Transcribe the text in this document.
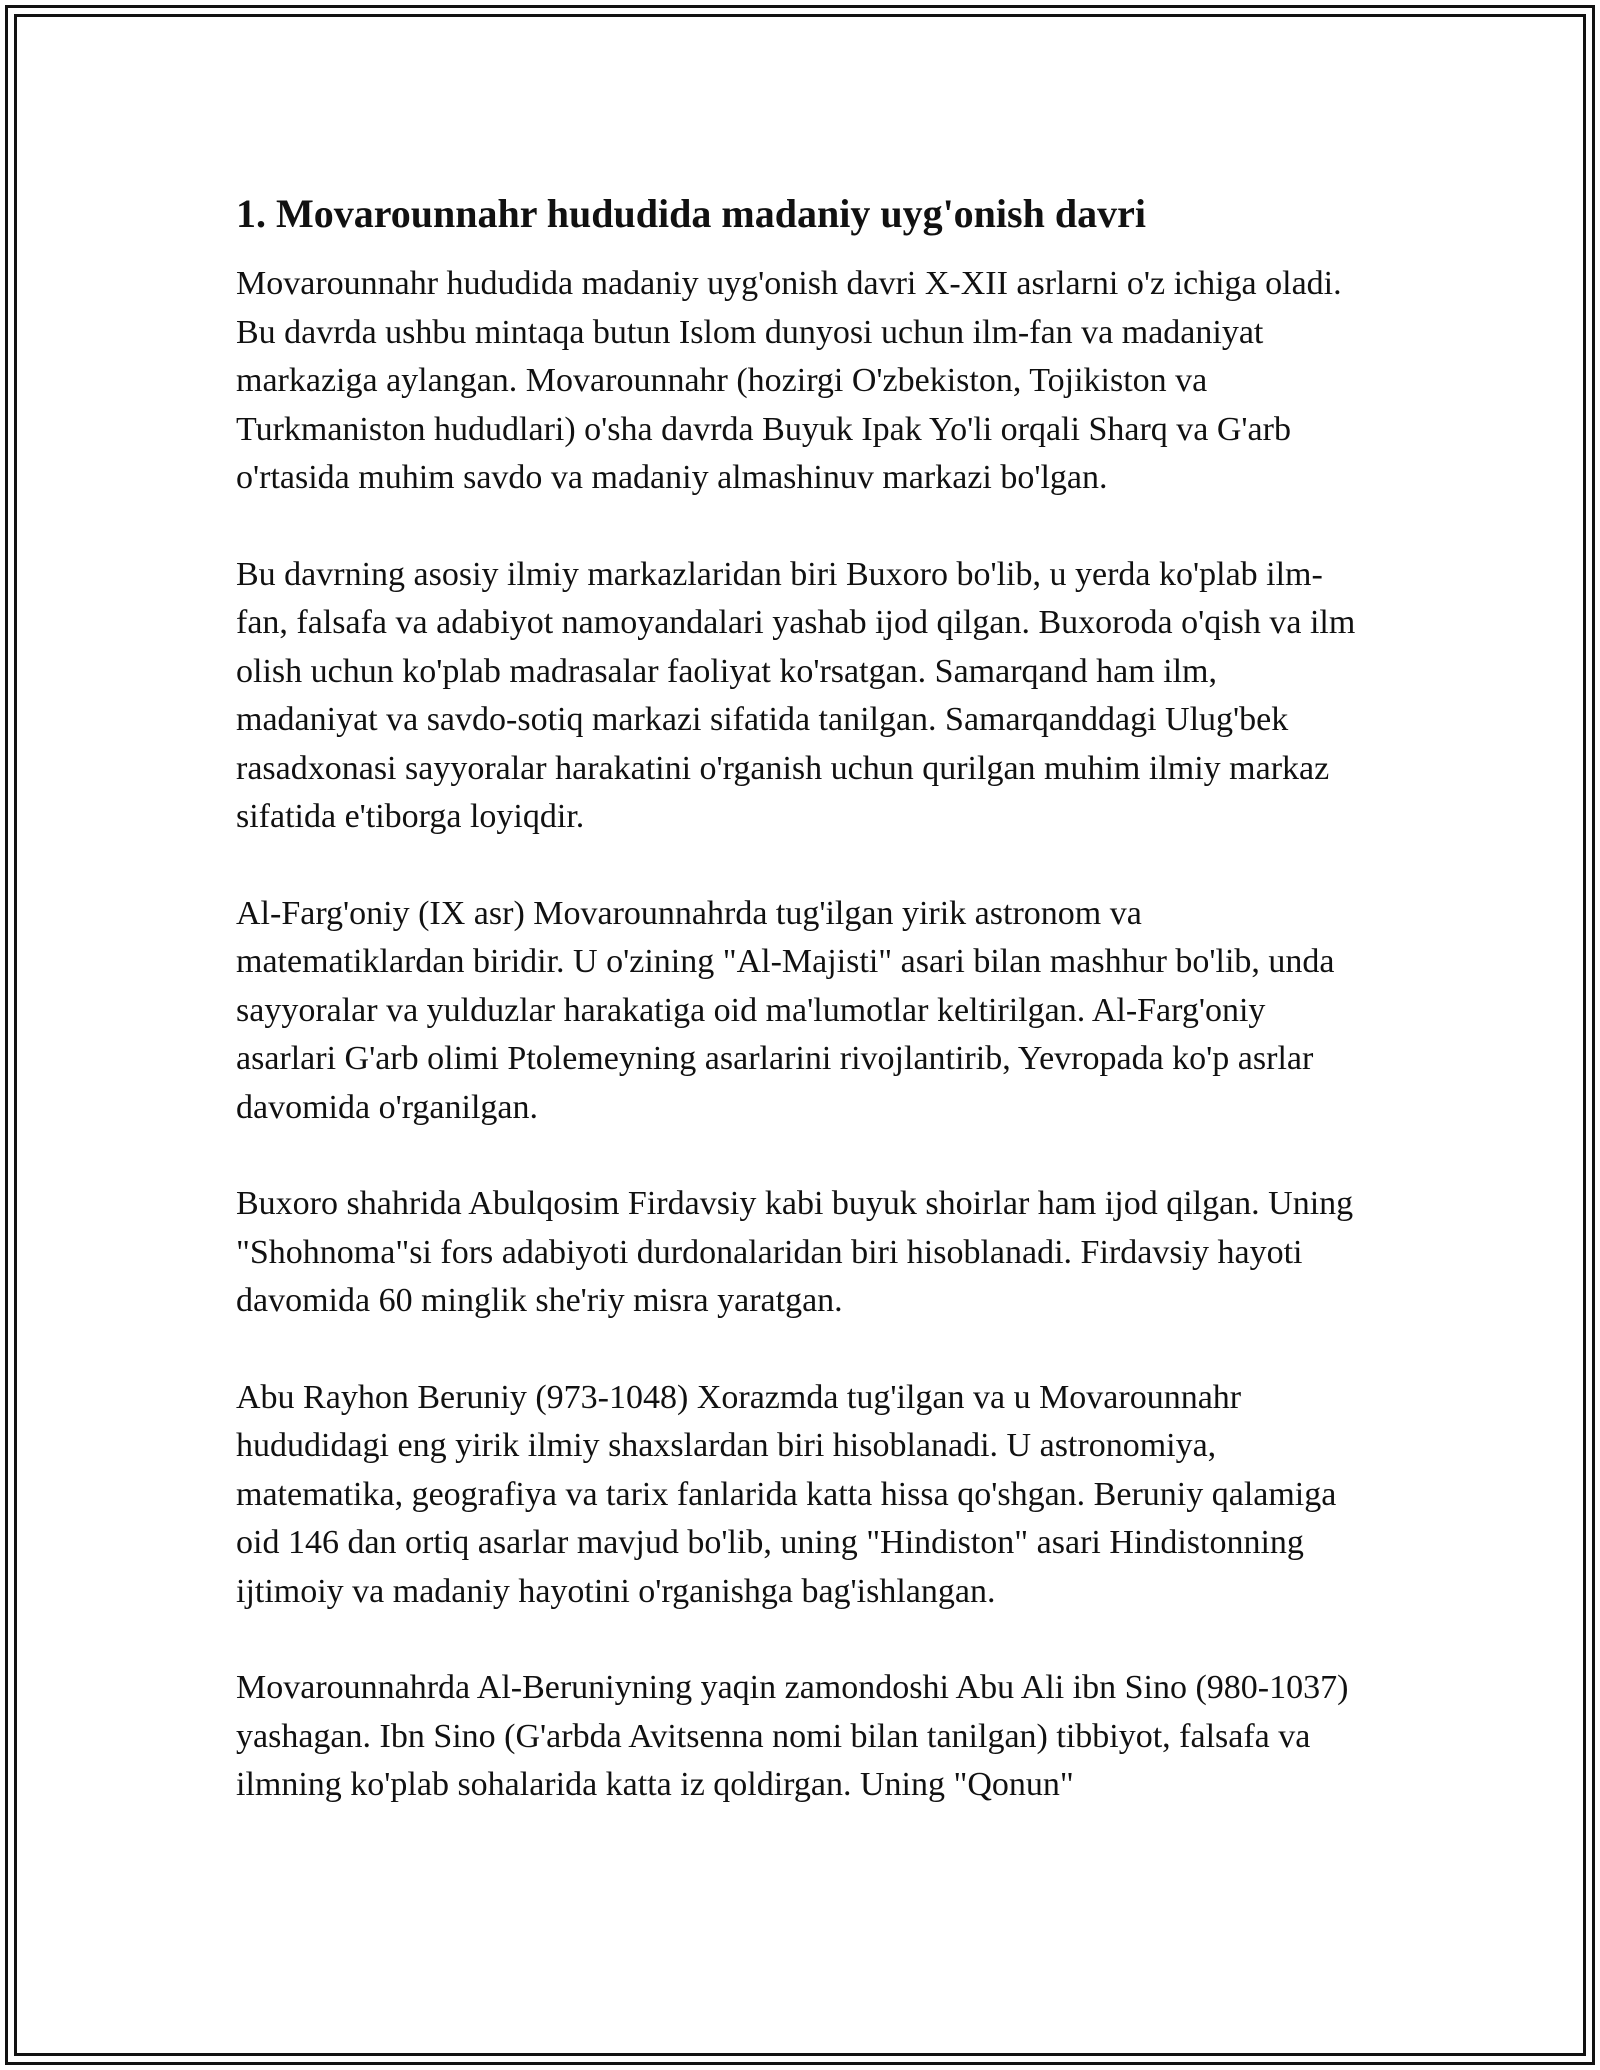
1. Movarounnahr hududida madaniy uyg'onish davri

Movarounnahr hududida madaniy uyg'onish davri X-XII asrlarni o'z ichiga oladi. Bu davrda ushbu mintaqa butun Islom dunyosi uchun ilm-fan va madaniyat markaziga aylangan. Movarounnahr (hozirgi O'zbekiston, Tojikiston va Turkmaniston hududlari) o'sha davrda Buyuk Ipak Yo'li orqali Sharq va G'arb o'rtasida muhim savdo va madaniy almashinuv markazi bo'lgan.

Bu davrning asosiy ilmiy markazlaridan biri Buxoro bo'lib, u yerda ko'plab ilm-fan, falsafa va adabiyot namoyandalari yashab ijod qilgan. Buxoroda o'qish va ilm olish uchun ko'plab madrasalar faoliyat ko'rsatgan. Samarqand ham ilm, madaniyat va savdo-sotiq markazi sifatida tanilgan. Samarqanddagi Ulug'bek rasadxonasi sayyoralar harakatini o'rganish uchun qurilgan muhim ilmiy markaz sifatida e'tiborga loyiqdir.

Al-Farg'oniy (IX asr) Movarounnahrda tug'ilgan yirik astronom va matematiklardan biridir. U o'zining "Al-Majisti" asari bilan mashhur bo'lib, unda sayyoralar va yulduzlar harakatiga oid ma'lumotlar keltirilgan. Al-Farg'oniy asarlari G'arb olimi Ptolemeyning asarlarini rivojlantirib, Yevropada ko'p asrlar davomida o'rganilgan.

Buxoro shahrida Abulqosim Firdavsiy kabi buyuk shoirlar ham ijod qilgan. Uning "Shohnoma"si fors adabiyoti durdonalaridan biri hisoblanadi. Firdavsiy hayoti davomida 60 minglik she'riy misra yaratgan.

Abu Rayhon Beruniy (973-1048) Xorazmda tug'ilgan va u Movarounnahr hududidagi eng yirik ilmiy shaxslardan biri hisoblanadi. U astronomiya, matematika, geografiya va tarix fanlarida katta hissa qo'shgan. Beruniy qalamiga oid 146 dan ortiq asarlar mavjud bo'lib, uning "Hindiston" asari Hindistonning ijtimoiy va madaniy hayotini o'rganishga bag'ishlangan.

Movarounnahrda Al-Beruniyning yaqin zamondoshi Abu Ali ibn Sino (980-1037) yashagan. Ibn Sino (G'arbda Avitsenna nomi bilan tanilgan) tibbiyot, falsafa va ilmning ko'plab sohalarida katta iz qoldirgan. Uning "Qonun"
